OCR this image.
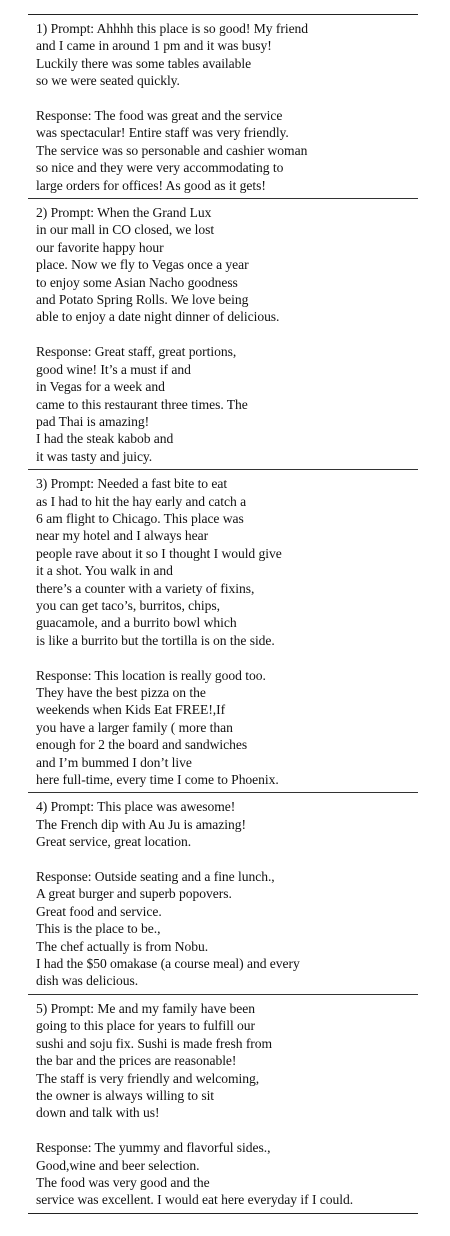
1) Prompt: Ahhhh this place is so good! My friend
and I came in around 1 pm and it was busy!
Luckily there was some tables available
so we were seated quickly.
Response: The food was great and the service
was spectacular! Entire staff was very friendly.
The service was so personable and cashier woman
so nice and they were very accommodating to
large orders for offices! As good as it gets!
2) Prompt: When the Grand Lux
in our mall in CO closed, we lost
our favorite happy hour
place. Now we fly to Vegas once a year
to enjoy some Asian Nacho goodness
and Potato Spring Rolls. We love being
able to enjoy a date night dinner of delicious.
Response: Great staff, great portions,
good wine! It’s a must if and
in Vegas for a week and
came to this restaurant three times. The
pad Thai is amazing!
I had the steak kabob and
it was tasty and juicy.
3) Prompt: Needed a fast bite to eat
as I had to hit the hay early and catch a
6 am flight to Chicago. This place was
near my hotel and I always hear
people rave about it so I thought I would give
it a shot. You walk in and
there’s a counter with a variety of fixins,
you can get taco’s, burritos, chips,
guacamole, and a burrito bowl which
is like a burrito but the tortilla is on the side.
Response: This location is really good too.
They have the best pizza on the
weekends when Kids Eat FREE!,If
you have a larger family ( more than
enough for 2 the board and sandwiches
and I’m bummed I don’t live
here full-time, every time I come to Phoenix.
4) Prompt: This place was awesome!
The French dip with Au Ju is amazing!
Great service, great location.
Response: Outside seating and a fine lunch.,
A great burger and superb popovers.
Great food and service.
This is the place to be.,
The chef actually is from Nobu.
I had the $50 omakase (a course meal) and every
dish was delicious.
5) Prompt: Me and my family have been
going to this place for years to fulfill our
sushi and soju fix. Sushi is made fresh from
the bar and the prices are reasonable!
The staff is very friendly and welcoming,
the owner is always willing to sit
down and talk with us!
Response: The yummy and flavorful sides.,
Good,wine and beer selection.
The food was very good and the
service was excellent. I would eat here everyday if I could.
